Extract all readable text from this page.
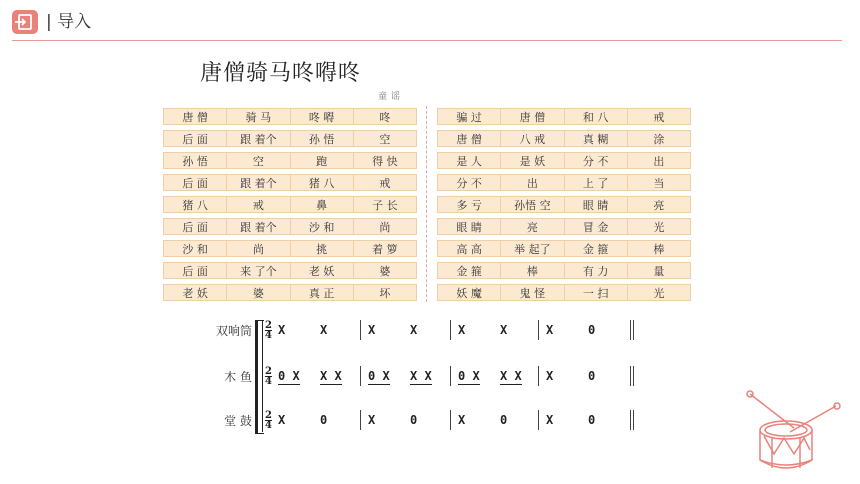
| 导入
唐僧骑马咚嘚咚
童谣
唐 僧	骑 马	咚 嘚	咚
后 面	跟 着个	孙 悟	空
孙 悟	空	跑	得 快
后 面	跟 着个	猪 八	戒
猪 八	戒	鼻	子 长
后 面	跟 着个	沙 和	尚
沙 和	尚	挑	着 箩
后 面	来 了个	老 妖	婆
老 妖	婆	真 正	坏
骗 过	唐 僧	和 八	戒
唐 僧	八 戒	真 糊	涂
是 人	是 妖	分 不	出
分 不	出	上 了	当
多 亏	孙悟 空	眼 睛	亮
眼 睛	亮	冒 金	光
高 高	举 起了	金 箍	棒
金 箍	棒	有 力	量
妖 魔	鬼 怪	一 扫	光
双响筒 2
4 X	X	X	X	X	X	X	0
木 鱼 2
4 0 X X X 0 X X X 0 X X X X	0
堂 鼓 2
4 X	0	X	0	X	0	X	0
